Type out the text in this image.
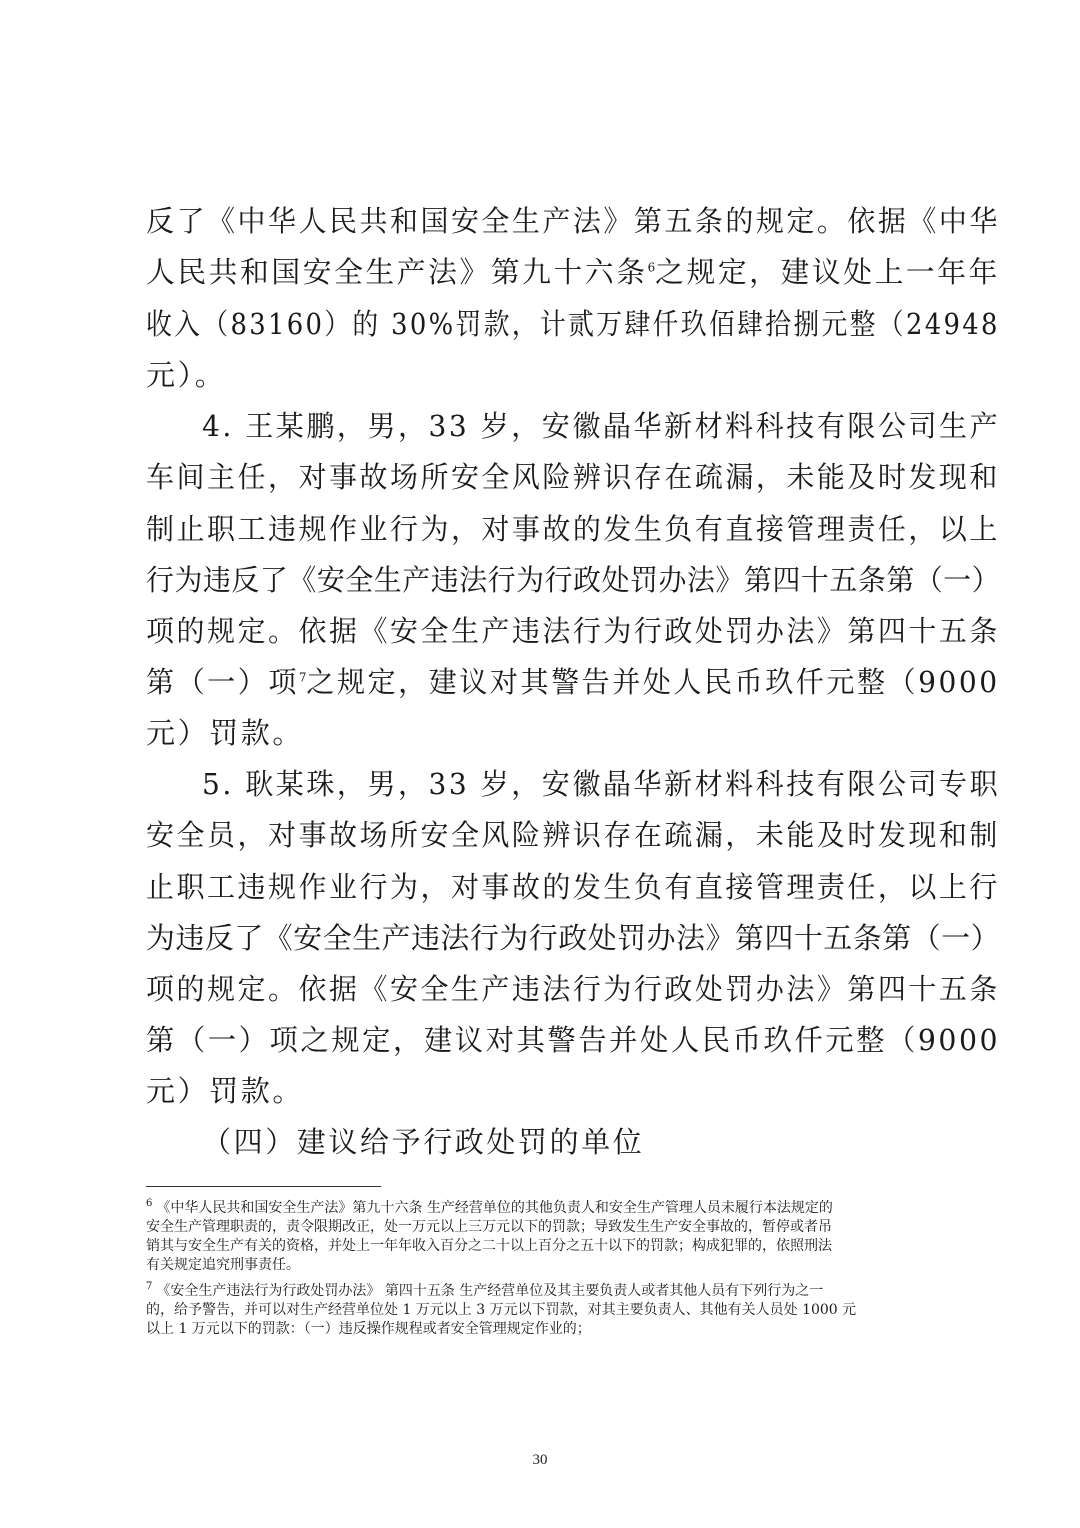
反了《中华人民共和国安全生产法》第五条的规定。依据《中华
人民共和国安全生产法》第九十六条$^6$之规定，建议处上一年年
收入（83160）的 30%罚款，计贰万肆仟玖佰肆拾捌元整（24948
元）。
4. 王某鹏，男，33 岁，安徽晶华新材料科技有限公司生产
车间主任，对事故场所安全风险辨识存在疏漏，未能及时发现和
制止职工违规作业行为，对事故的发生负有直接管理责任，以上
行为违反了《安全生产违法行为行政处罚办法》第四十五条第（一）
项的规定。依据《安全生产违法行为行政处罚办法》第四十五条
第（一）项$^7$之规定，建议对其警告并处人民币玖仟元整（9000
元）罚款。
5. 耿某珠，男，33 岁，安徽晶华新材料科技有限公司专职
安全员，对事故场所安全风险辨识存在疏漏，未能及时发现和制
止职工违规作业行为，对事故的发生负有直接管理责任，以上行
为违反了《安全生产违法行为行政处罚办法》第四十五条第（一）
项的规定。依据《安全生产违法行为行政处罚办法》第四十五条
第（一）项之规定，建议对其警告并处人民币玖仟元整（9000
元）罚款。
（四）建议给予行政处罚的单位
$^6$ 《中华人民共和国安全生产法》第九十六条 生产经营单位的其他负责人和安全生产管理人员未履行本法规定的
安全生产管理职责的，责令限期改正，处一万元以上三万元以下的罚款；导致发生生产安全事故的，暂停或者吊
销其与安全生产有关的资格，并处上一年年收入百分之二十以上百分之五十以下的罚款；构成犯罪的，依照刑法
有关规定追究刑事责任。
$^7$ 《安全生产违法行为行政处罚办法》 第四十五条 生产经营单位及其主要负责人或者其他人员有下列行为之一
的，给予警告，并可以对生产经营单位处 1 万元以上 3 万元以下罚款，对其主要负责人、其他有关人员处 1000 元
以上 1 万元以下的罚款：（一）违反操作规程或者安全管理规定作业的；
30
